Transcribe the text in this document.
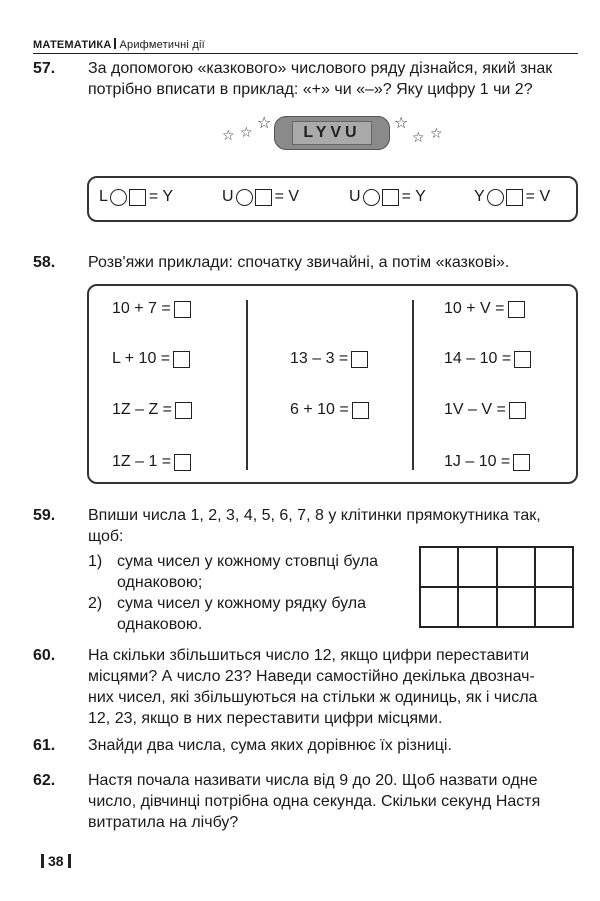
МАТЕМАТИКА Арифметичні дії
57. За допомогою «казкового» числового ряду дізнайся, який знак

потрібно вписати в приклад: «+» чи «–»? Яку цифру 1 чи 2?

☆ ☆ ☆
LYVU
☆
☆ ☆
L	= Y	U	= V	U	= Y	Y	= V
58. Розв'яжи приклади: спочатку звичайні, а потім «казкові».
10 + 7 =
L + 10 =
1Z – Z =
1Z – 1 =
13 – 3 =
6 + 10 =
10 + V =
14 – 10 =
1V – V =
1J – 10 =
59. Впиши числа 1, 2, 3, 4, 5, 6, 7, 8 у клітинки прямокутника так,

щоб:

1) сума чисел у кожному стовпці була

однаковою;

2) сума чисел у кожному рядку була

однаковою.

60. На скільки збільшиться число 12, якщо цифри переставити

місцями? А число 23? Наведи самостійно декілька двознач-

них чисел, які збільшуються на стільки ж одиниць, як і числа

12, 23, якщо в них переставити цифри місцями.

61. Знайди два числа, сума яких дорівнює їх різниці.
62. Настя почала називати числа від 9 до 20. Щоб назвати одне

число, дівчинці потрібна одна секунда. Скільки секунд Настя

витратила на лічбу?

38
